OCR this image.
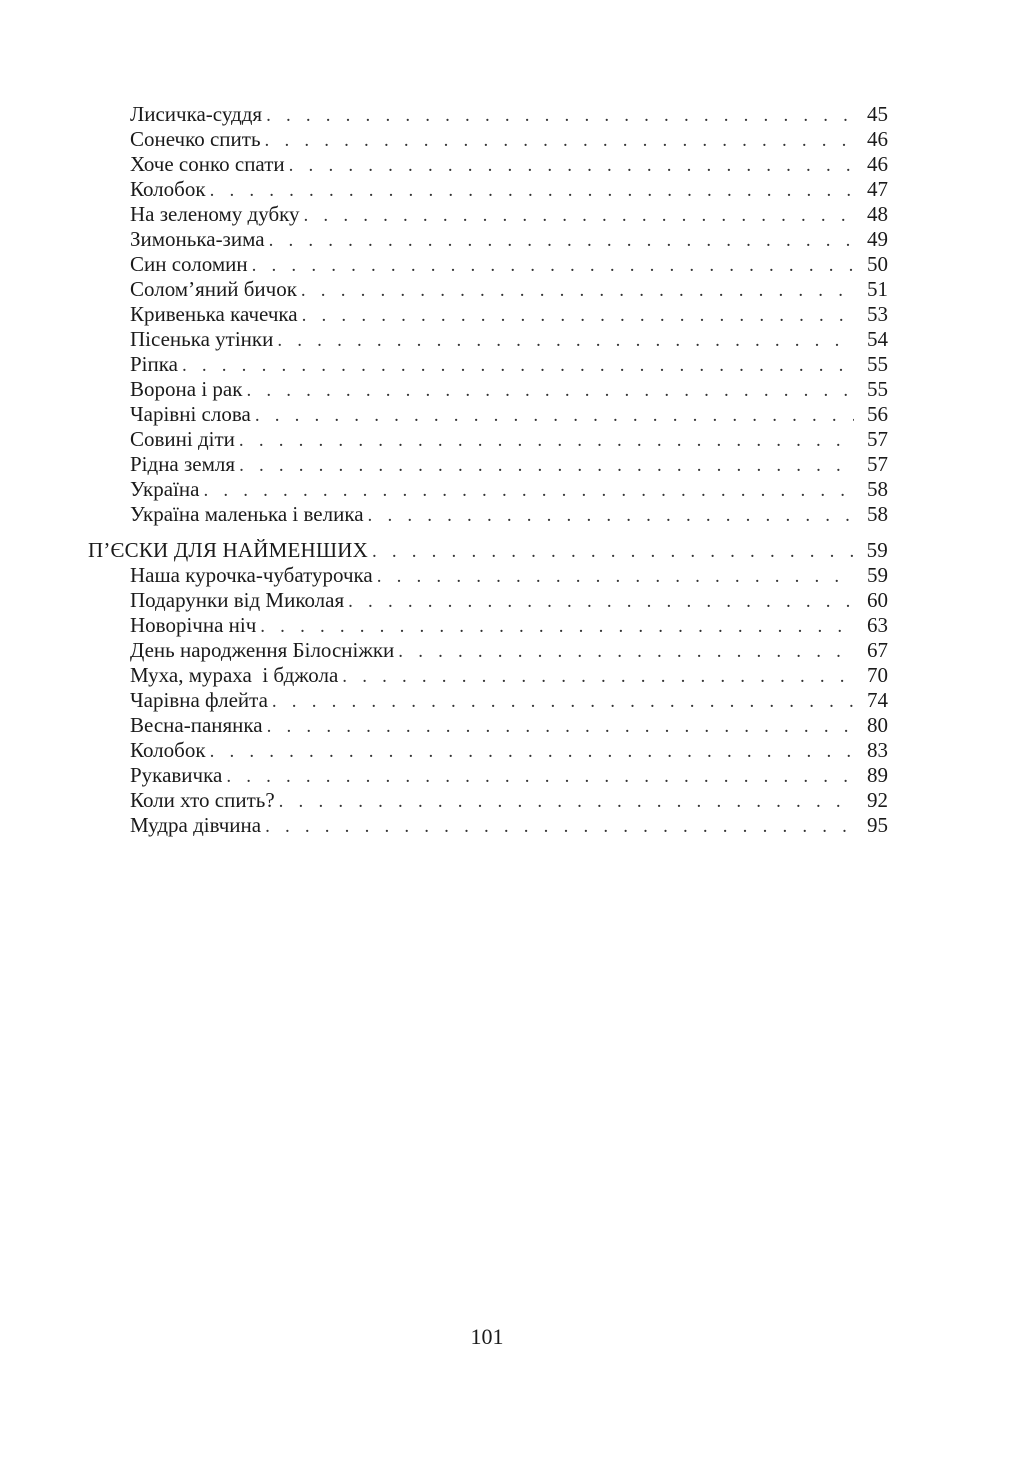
Лисичка-суддя . . .	45
Сонечко спить . . .	46
Хоче сонко спати . . .	46
Колобок . . .	47
На зеленому дубку . . .	48
Зимонька-зима . . .	49
Син соломин . . .	50
Солом’яний бичок . . .	51
Кривенька качечка . . .	53
Пісенька утінки . . .	54
Ріпка . . .	55
Ворона і рак . . .	55
Чарівні слова . . .	56
Совині діти . . .	57
Рідна земля . . .	57
Україна . . .	58
Україна маленька і велика . . .	58
П’ЄСКИ ДЛЯ НАЙМЕНШИХ . . .	59
Наша курочка-чубатурочка . . .	59
Подарунки від Миколая . . .	60
Новорічна ніч . . .	63
День народження Білосніжки . . .	67
Муха, мураха  і бджола . . .	70
Чарівна флейта . . .	74
Весна-панянка . . .	80
Колобок . . .	83
Рукавичка . . .	89
Коли хто спить? . . .	92
Мудра дівчина . . .	95
101
